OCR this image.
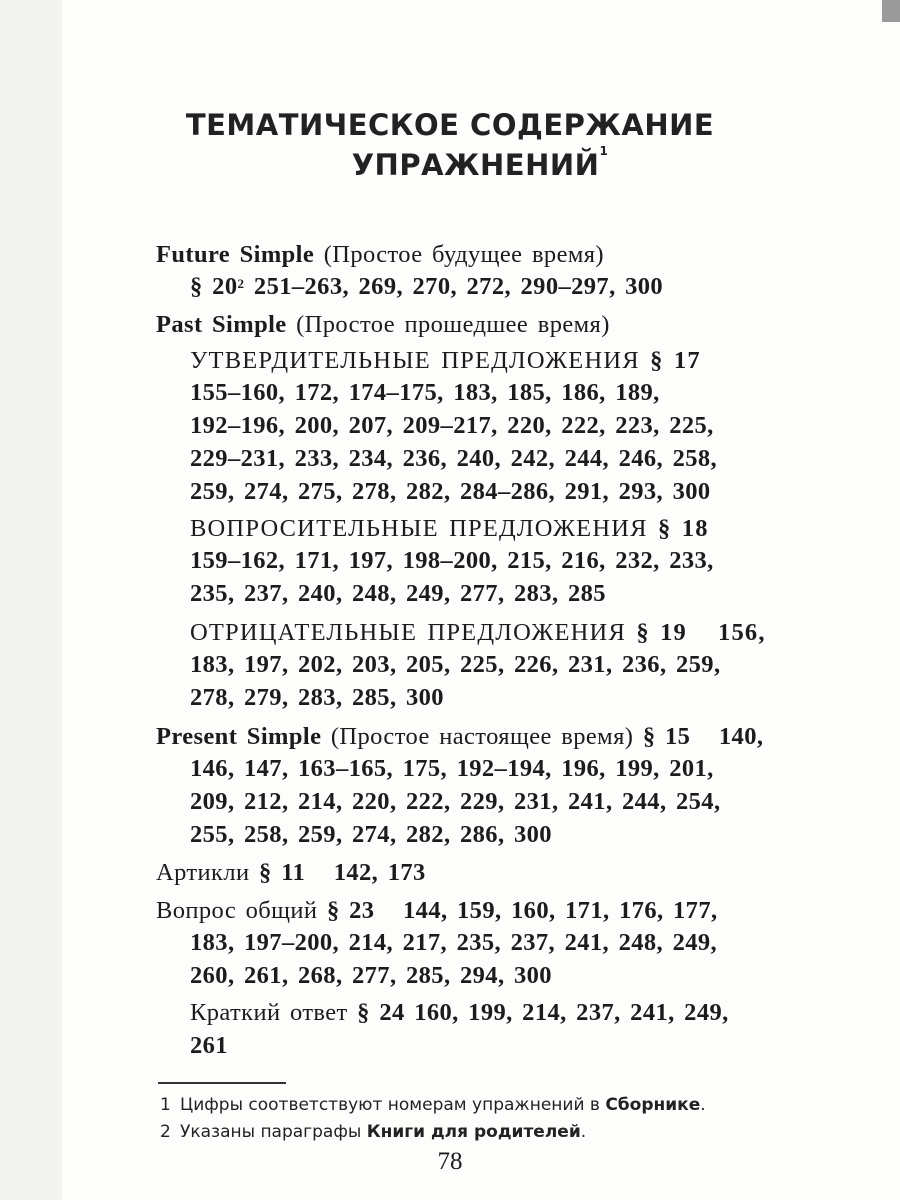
ТЕМАТИЧЕСКОЕ СОДЕРЖАНИЕ
УПРАЖНЕНИЙ$^1$
Future Simple (Простое будущее время)
§ $20^2$ 251–263, 269, 270, 272, 290–297, 300
Past Simple (Простое прошедшее время)
УТВЕРДИТЕЛЬНЫЕ ПРЕДЛОЖЕНИЯ § 17
155–160, 172, 174–175, 183, 185, 186, 189,
192–196, 200, 207, 209–217, 220, 222, 223, 225,
229–231, 233, 234, 236, 240, 242, 244, 246, 258,
259, 274, 275, 278, 282, 284–286, 291, 293, 300
ВОПРОСИТЕЛЬНЫЕ ПРЕДЛОЖЕНИЯ § 18
159–162, 171, 197, 198–200, 215, 216, 232, 233,
235, 237, 240, 248, 249, 277, 283, 285
ОТРИЦАТЕЛЬНЫЕ ПРЕДЛОЖЕНИЯ § 19 156,
183, 197, 202, 203, 205, 225, 226, 231, 236, 259,
278, 279, 283, 285, 300
Present Simple (Простое настоящее время) § 15 140,
146, 147, 163–165, 175, 192–194, 196, 199, 201,
209, 212, 214, 220, 222, 229, 231, 241, 244, 254,
255, 258, 259, 274, 282, 286, 300
Артикли § 11 142, 173
Вопрос общий § 23 144, 159, 160, 171, 176, 177,
183, 197–200, 214, 217, 235, 237, 241, 248, 249,
260, 261, 268, 277, 285, 294, 300
Краткий ответ § 24 160, 199, 214, 237, 241, 249,
261
1 Цифры соответствуют номерам упражнений в Сборнике.
2 Указаны параграфы Книги для родителей.
78
